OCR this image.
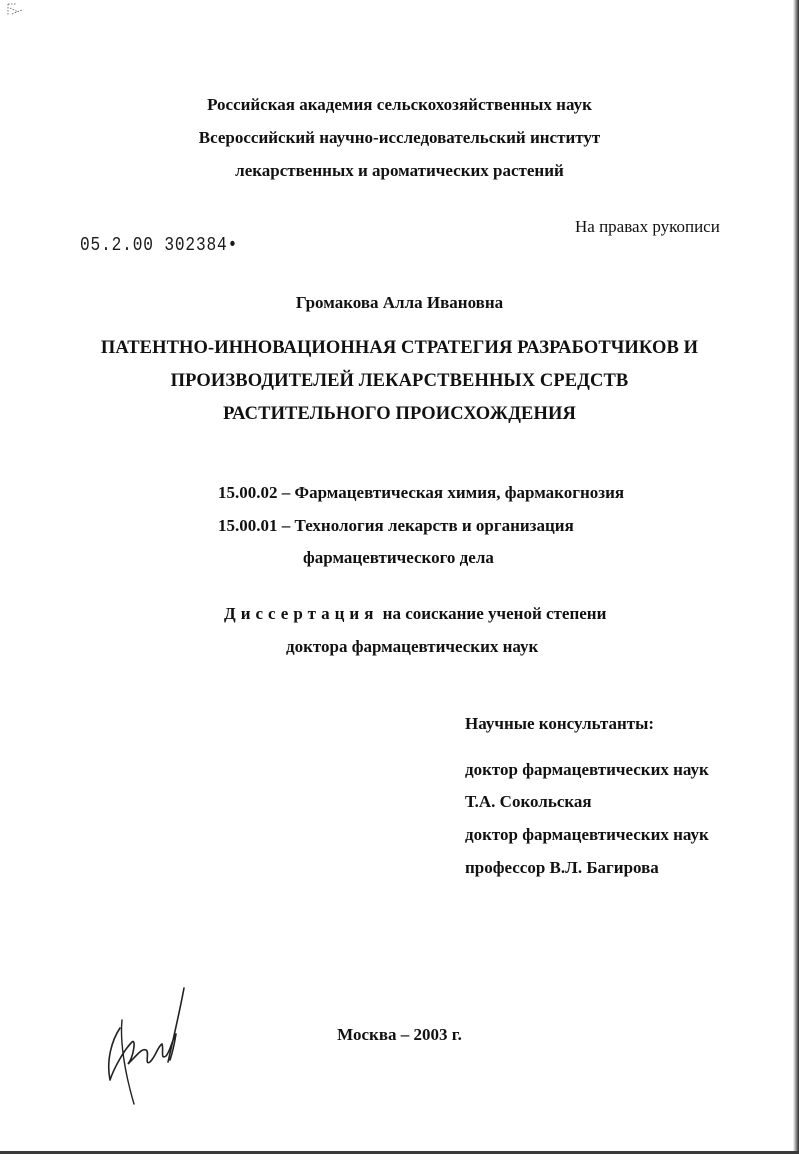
Российская академия сельскохозяйственных наук
Всероссийский научно-исследовательский институт
лекарственных и ароматических растений
На правах рукописи
05.2.00 302384•
Громакова Алла Ивановна
ПАТЕНТНО-ИННОВАЦИОННАЯ СТРАТЕГИЯ РАЗРАБОТЧИКОВ И
ПРОИЗВОДИТЕЛЕЙ ЛЕКАРСТВЕННЫХ СРЕДСТВ
РАСТИТЕЛЬНОГО ПРОИСХОЖДЕНИЯ
15.00.02 – Фармацевтическая химия, фармакогнозия
15.00.01 – Технология лекарств и организация
фармацевтического дела
Диссертация на соискание ученой степени
доктора фармацевтических наук
Научные консультанты:
доктор фармацевтических наук
Т.А. Сокольская
доктор фармацевтических наук
профессор В.Л. Багирова
Москва – 2003 г.
